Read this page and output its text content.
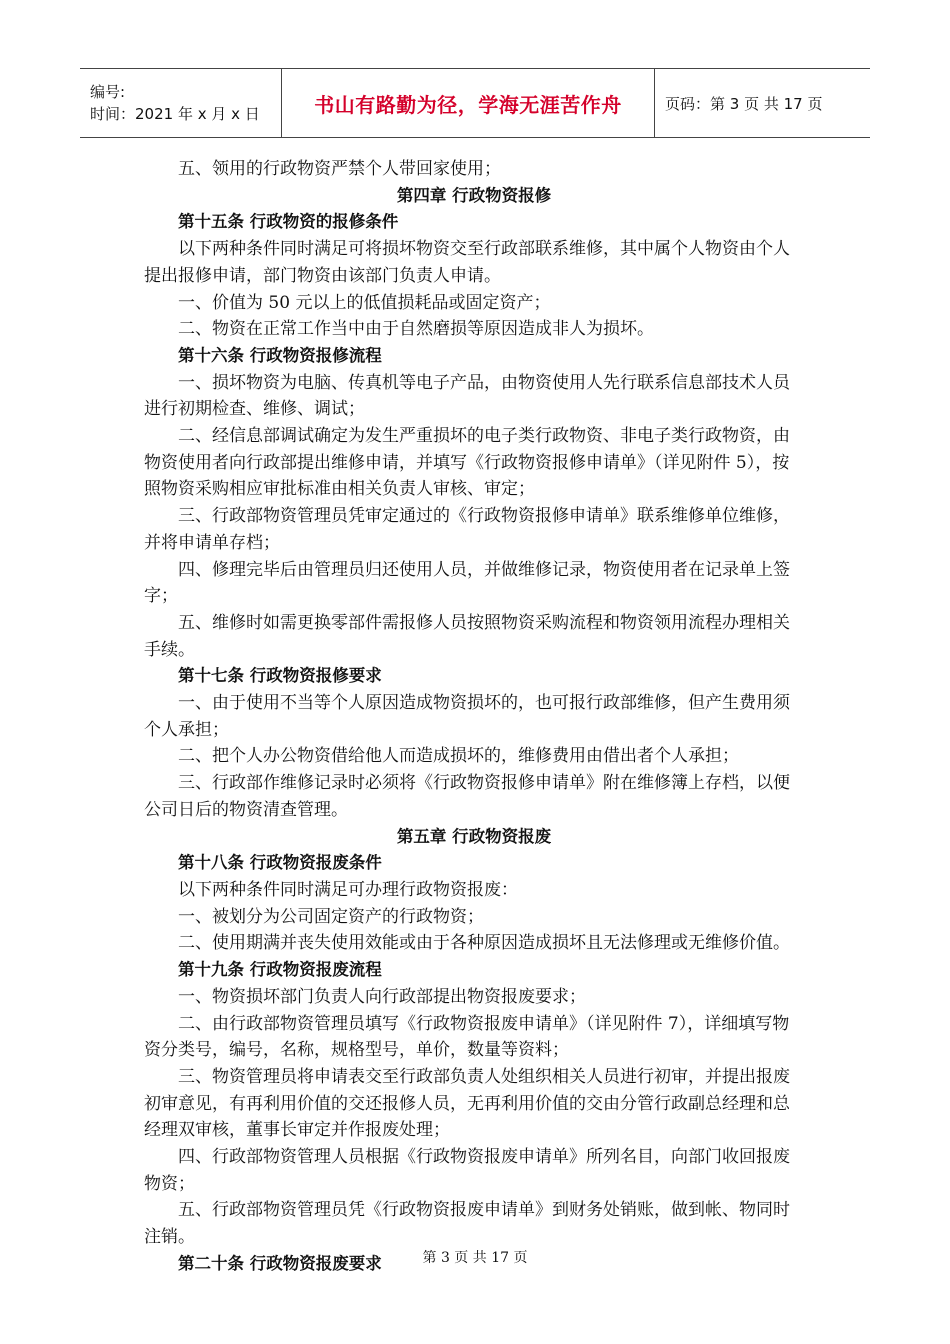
编号:
时间：2021 年 x 月 x 日	书山有路勤为径，学海无涯苦作舟	页码：第 3 页 共 17 页

五、领用的行政物资严禁个人带回家使用；

第四章 行政物资报修

第十五条 行政物资的报修条件

以下两种条件同时满足可将损坏物资交至行政部联系维修，其中属个人物资由个人提出报修申请，部门物资由该部门负责人申请。

一、价值为 50 元以上的低值损耗品或固定资产；

二、物资在正常工作当中由于自然磨损等原因造成非人为损坏。

第十六条 行政物资报修流程

一、损坏物资为电脑、传真机等电子产品，由物资使用人先行联系信息部技术人员进行初期检查、维修、调试；

二、经信息部调试确定为发生严重损坏的电子类行政物资、非电子类行政物资，由物资使用者向行政部提出维修申请，并填写《行政物资报修申请单》（详见附件 5），按照物资采购相应审批标准由相关负责人审核、审定；

三、行政部物资管理员凭审定通过的《行政物资报修申请单》联系维修单位维修，并将申请单存档；

四、修理完毕后由管理员归还使用人员，并做维修记录，物资使用者在记录单上签字；

五、维修时如需更换零部件需报修人员按照物资采购流程和物资领用流程办理相关手续。

第十七条 行政物资报修要求

一、由于使用不当等个人原因造成物资损坏的，也可报行政部维修，但产生费用须个人承担；

二、把个人办公物资借给他人而造成损坏的，维修费用由借出者个人承担；

三、行政部作维修记录时必须将《行政物资报修申请单》附在维修簿上存档，以便公司日后的物资清查管理。

第五章 行政物资报废

第十八条 行政物资报废条件

以下两种条件同时满足可办理行政物资报废：

一、被划分为公司固定资产的行政物资；

二、使用期满并丧失使用效能或由于各种原因造成损坏且无法修理或无维修价值。

第十九条 行政物资报废流程

一、物资损坏部门负责人向行政部提出物资报废要求；

二、由行政部物资管理员填写《行政物资报废申请单》（详见附件 7），详细填写物资分类号，编号，名称，规格型号，单价，数量等资料；

三、物资管理员将申请表交至行政部负责人处组织相关人员进行初审，并提出报废初审意见，有再利用价值的交还报修人员，无再利用价值的交由分管行政副总经理和总经理双审核，董事长审定并作报废处理；

四、行政部物资管理人员根据《行政物资报废申请单》所列名目，向部门收回报废物资；

五、行政部物资管理员凭《行政物资报废申请单》到财务处销账，做到帐、物同时注销。

第二十条 行政物资报废要求	第 3 页 共 17 页
